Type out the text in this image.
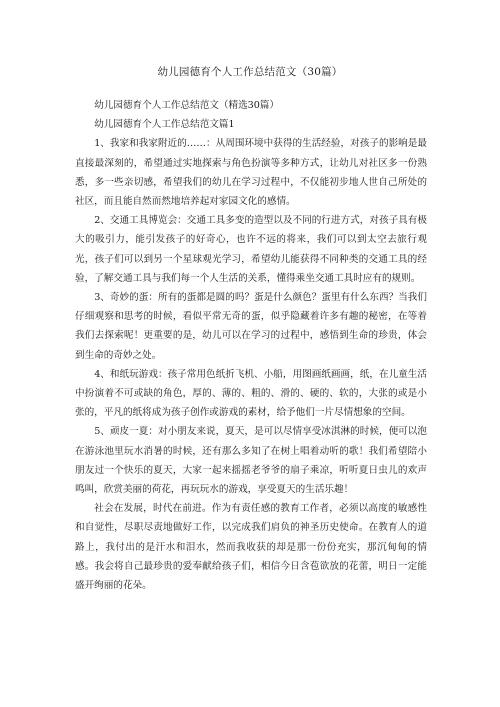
幼儿园德育个人工作总结范文（30篇）

幼儿园德育个人工作总结范文（精选30篇）

幼儿园德育个人工作总结范文篇1

1、我家和我家附近的……：从周围环境中获得的生活经验，对孩子的影响是最直接最深刻的，希望通过实地探索与角色扮演等多种方式，让幼儿对社区多一份熟悉，多一些亲切感，希望我们的幼儿在学习过程中，不仅能初步地人世自己所处的社区，而且能自然而然地培养起对家园文化的感情。

2、交通工具博览会：交通工具多变的造型以及不同的行进方式，对孩子具有极大的吸引力，能引发孩子的好奇心，也许不远的将来，我们可以到太空去旅行观光，孩子们可以到另一个星球观光学习，希望幼儿能获得不同种类的交通工具的经验，了解交通工具与我们每一个人生活的关系，懂得乘坐交通工具时应有的规则。

3、奇妙的蛋：所有的蛋都是圆的吗？蛋是什么颜色？蛋里有什么东西？当我们仔细观察和思考的时候，看似平常无奇的蛋，似乎隐藏着许多有趣的秘密，在等着我们去探索呢！更重要的是，幼儿可以在学习的过程中，感悟到生命的珍贵，体会到生命的奇妙之处。

4、和纸玩游戏：孩子常用色纸折飞机、小船，用图画纸画画，纸，在儿童生活中扮演着不可或缺的角色，厚的、薄的、粗的、滑的、硬的、软的，大张的或是小张的，平凡的纸将成为孩子创作或游戏的素材，给予他们一片尽情想象的空间。

5、顽皮一夏：对小朋友来说，夏天，是可以尽情享受冰淇淋的时候，便可以泡在游泳池里玩水消暑的时候，还有那么多知了在树上唱着动听的歌！我们希望陪小朋友过一个快乐的夏天，大家一起来摇摇老爷爷的扇子乘凉，听听夏日虫儿的欢声鸣叫，欣赏美丽的荷花，再玩玩水的游戏，享受夏天的生活乐趣！

社会在发展，时代在前进。作为有责任感的教育工作者，必须以高度的敏感性和自觉性，尽职尽责地做好工作，以完成我们肩负的神圣历史使命。在教育人的道路上，我付出的是汗水和泪水，然而我收获的却是那一份份充实，那沉甸甸的情感。我会将自己最珍贵的爱奉献给孩子们，相信今日含苞欲放的花蕾，明日一定能盛开绚丽的花朵。
